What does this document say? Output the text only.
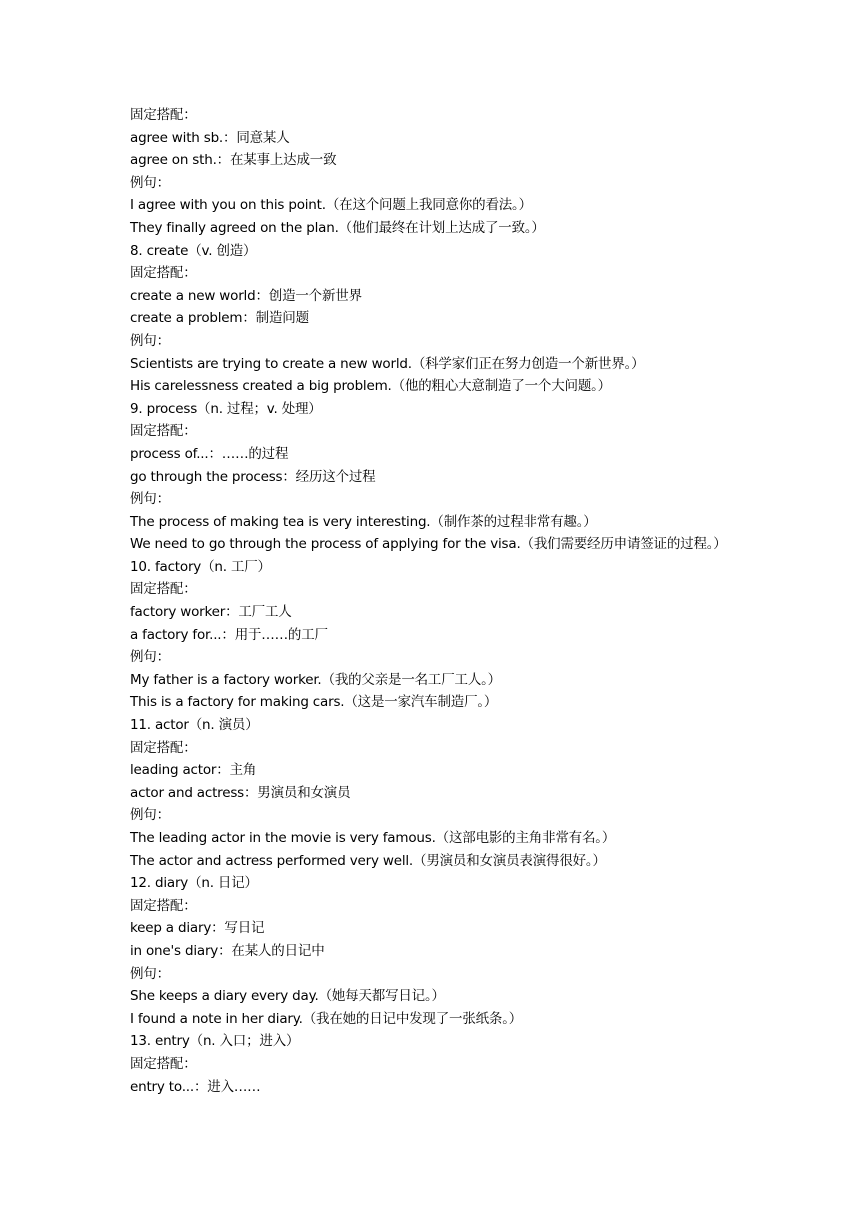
固定搭配：
agree with sb.：同意某人
agree on sth.：在某事上达成一致
例句：
I agree with you on this point.（在这个问题上我同意你的看法。）
They finally agreed on the plan.（他们最终在计划上达成了一致。）
8. create（v. 创造）
固定搭配：
create a new world：创造一个新世界
create a problem：制造问题
例句：
Scientists are trying to create a new world.（科学家们正在努力创造一个新世界。）
His carelessness created a big problem.（他的粗心大意制造了一个大问题。）
9. process（n. 过程；v. 处理）
固定搭配：
process of...：……的过程
go through the process：经历这个过程
例句：
The process of making tea is very interesting.（制作茶的过程非常有趣。）
We need to go through the process of applying for the visa.（我们需要经历申请签证的过程。）
10. factory（n. 工厂）
固定搭配：
factory worker：工厂工人
a factory for...：用于……的工厂
例句：
My father is a factory worker.（我的父亲是一名工厂工人。）
This is a factory for making cars.（这是一家汽车制造厂。）
11. actor（n. 演员）
固定搭配：
leading actor：主角
actor and actress：男演员和女演员
例句：
The leading actor in the movie is very famous.（这部电影的主角非常有名。）
The actor and actress performed very well.（男演员和女演员表演得很好。）
12. diary（n. 日记）
固定搭配：
keep a diary：写日记
in one's diary：在某人的日记中
例句：
She keeps a diary every day.（她每天都写日记。）
I found a note in her diary.（我在她的日记中发现了一张纸条。）
13. entry（n. 入口；进入）
固定搭配：
entry to...：进入……
